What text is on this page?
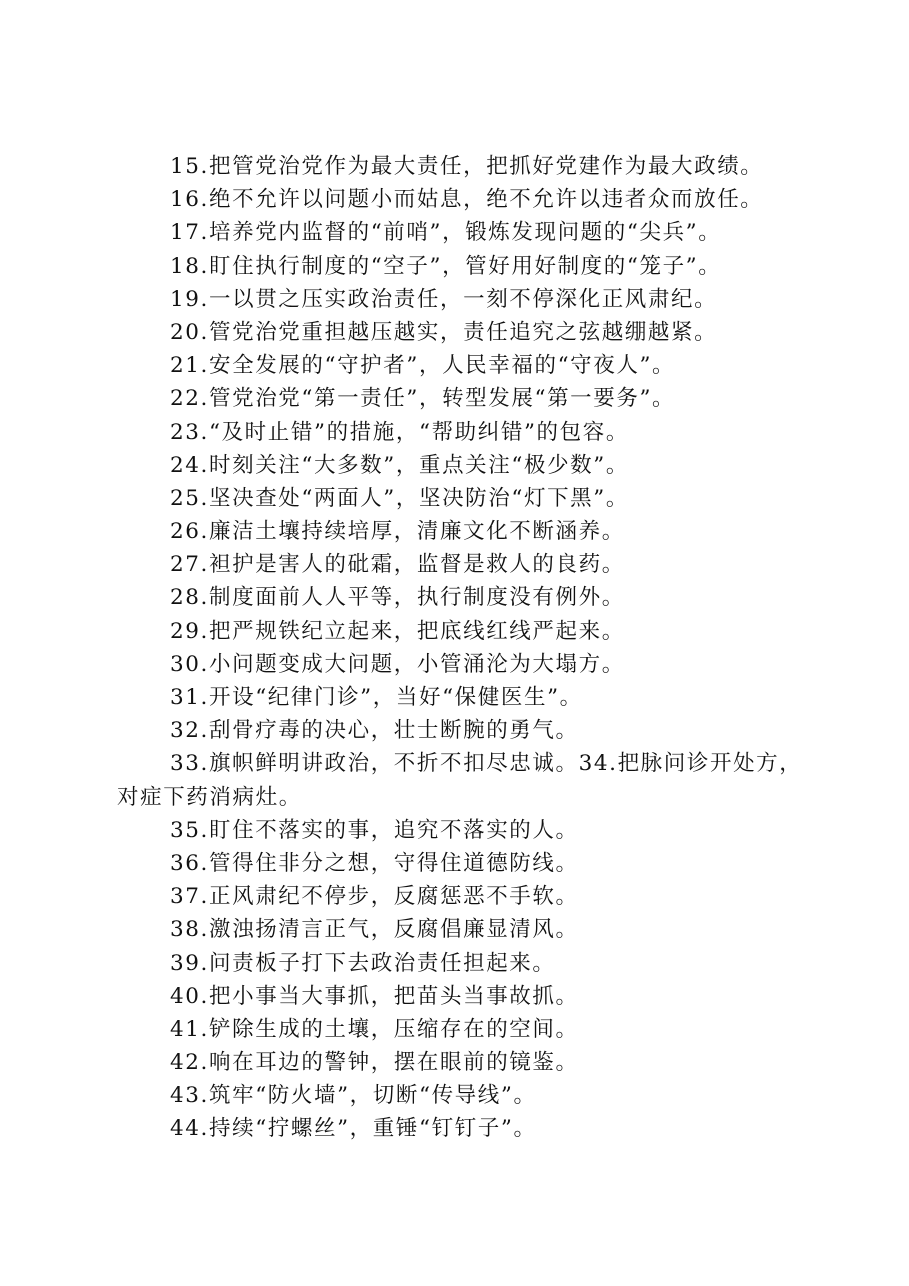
15.把管党治党作为最大责任，把抓好党建作为最大政绩。
16.绝不允许以问题小而姑息，绝不允许以违者众而放任。
17.培养党内监督的“前哨”，锻炼发现问题的“尖兵”。
18.盯住执行制度的“空子”，管好用好制度的“笼子”。
19.一以贯之压实政治责任，一刻不停深化正风肃纪。
20.管党治党重担越压越实，责任追究之弦越绷越紧。
21.安全发展的“守护者”，人民幸福的“守夜人”。
22.管党治党“第一责任”，转型发展“第一要务”。
23.“及时止错”的措施，“帮助纠错”的包容。
24.时刻关注“大多数”，重点关注“极少数”。
25.坚决查处“两面人”，坚决防治“灯下黑”。
26.廉洁土壤持续培厚，清廉文化不断涵养。
27.袒护是害人的砒霜，监督是救人的良药。
28.制度面前人人平等，执行制度没有例外。
29.把严规铁纪立起来，把底线红线严起来。
30.小问题变成大问题，小管涌沦为大塌方。
31.开设“纪律门诊”，当好“保健医生”。
32.刮骨疗毒的决心，壮士断腕的勇气。
33.旗帜鲜明讲政治，不折不扣尽忠诚。34.把脉问诊开处方，
对症下药消病灶。
35.盯住不落实的事，追究不落实的人。
36.管得住非分之想，守得住道德防线。
37.正风肃纪不停步，反腐惩恶不手软。
38.激浊扬清言正气，反腐倡廉显清风。
39.问责板子打下去政治责任担起来。
40.把小事当大事抓，把苗头当事故抓。
41.铲除生成的土壤，压缩存在的空间。
42.响在耳边的警钟，摆在眼前的镜鉴。
43.筑牢“防火墙”，切断“传导线”。
44.持续“拧螺丝”，重锤“钉钉子”。
